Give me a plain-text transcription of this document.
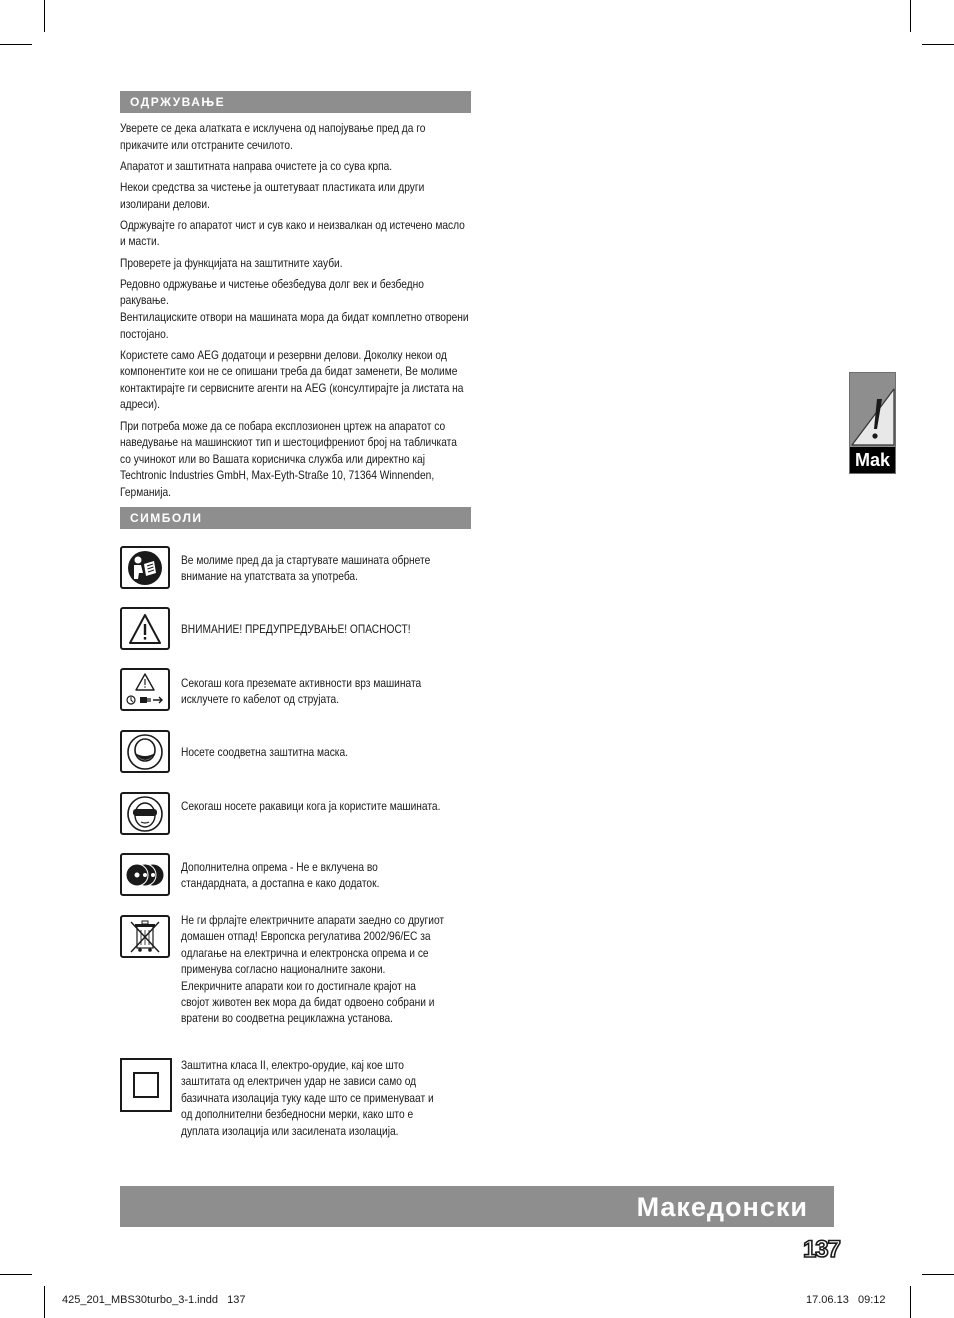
ОДРЖУВАЊЕ

Уверете се дека алатката е исклучена од напојување пред да го прикачите или отстраните сечилото.

Апаратот и заштитната направа очистете ја со сува крпа.

Некои средства за чистење ја оштетуваат пластиката или други изолирани делови.

Одржувајте го апаратот чист и сув како и неизвалкан од истечено масло и масти.

Проверете ја функцијата на заштитните хауби.

Редовно одржување и чистење обезбедува долг век и безбедно ракување.

Вентилациските отвори на машината мора да бидат комплетно отворени постојано.

Користете само AEG додатоци и резервни делови. Доколку некои од компонентите кои не се опишани треба да бидат заменети, Ве молиме контактирајте ги сервисните агенти на AEG (консултирајте ја листата на адреси).

При потреба може да се побара експлозионен цртеж на апаратот со наведување на машинскиот тип и шестоцифрениот број на табличката со учинокот или во Вашата корисничка служба или директно кај Techtronic Industries GmbH, Max-Eyth-Straße 10, 71364 Winnenden, Германија.

СИМБОЛИ
Ве молиме пред да ја стартувате машината обрнете внимание на упатствата за употреба.
ВНИМАНИЕ! ПРЕДУПРЕДУВАЊЕ! ОПАСНОСТ!
Секогаш кога преземате активности врз машината исклучете го кабелот од струјата.
Носете соодветна заштитна маска.
Секогаш носете ракавици кога ја користите машината.
Дополнителна опрема - Не е вклучена во стандардната, а достапна е како додаток.
Не ги фрлајте електричните апарати заедно со другиот домашен отпад! Европска регулатива 2002/96/EC за одлагање на електрична и електронска опрема и се применува согласно националните закони. Елекричните апарати кои го достигнале крајот на својот животен век мора да бидат одвоено собрани и вратени во соодветна рециклажна установа.
Заштитна класа II, електро-орудие, кај кое што заштитата од електричен удар не зависи само од базичната изолација туку каде што се применуваат и од дополнителни безбедносни мерки, како што е дуплата изолација или засилената изолација.
Mak
Македонски
137
425_201_MBS30turbo_3-1.indd   137	17.06.13   09:12
